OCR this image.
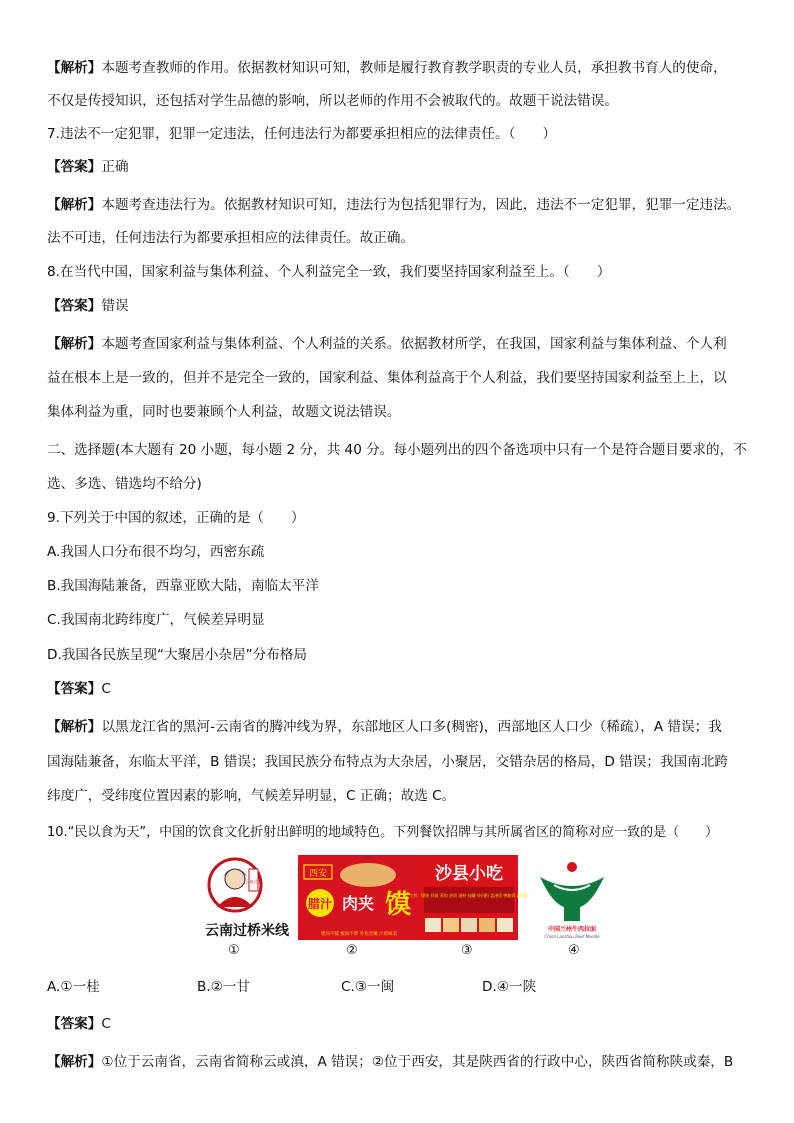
【解析】本题考查教师的作用。依据教材知识可知，教师是履行教育教学职责的专业人员，承担教书育人的使命，
不仅是传授知识，还包括对学生品德的影响，所以老师的作用不会被取代的。故题干说法错误。
7.违法不一定犯罪，犯罪一定违法，任何违法行为都要承担相应的法律责任。（　　）
【答案】正确
【解析】本题考查违法行为。依据教材知识可知，违法行为包括犯罪行为，因此，违法不一定犯罪，犯罪一定违法。
法不可违，任何违法行为都要承担相应的法律责任。故正确。
8.在当代中国，国家利益与集体利益、个人利益完全一致，我们要坚持国家利益至上。（　　）
【答案】错误
【解析】本题考查国家利益与集体利益、个人利益的关系。依据教材所学，在我国，国家利益与集体利益、个人利
益在根本上是一致的，但并不是完全一致的，国家利益、集体利益高于个人利益，我们要坚持国家利益至上上，以
集体利益为重，同时也要兼顾个人利益，故题文说法错误。
二、选择题(本大题有 20 小题，每小题 2 分，共 40 分。每小题列出的四个备选项中只有一个是符合题目要求的，不
选、多选、错选均不给分)
9.下列关于中国的叙述，正确的是（　　）
A.我国人口分布很不均匀，西密东疏
B.我国海陆兼备，西靠亚欧大陆，南临太平洋
C.我国南北跨纬度广，气候差异明显
D.我国各民族呈现“大聚居小杂居”分布格局
【答案】C
【解析】以黑龙江省的黑河-云南省的腾冲线为界，东部地区人口多(稠密)，西部地区人口少（稀疏），A 错误；我
国海陆兼备，东临太平洋，B 错误；我国民族分布特点为大杂居，小聚居，交错杂居的格局，D 错误；我国南北跨
纬度广，受纬度位置因素的影响，气候差异明显，C 正确；故选 C。
10.“民以食为天”，中国的饮食文化折射出鲜明的地域特色。下列餐饮招牌与其所属省区的简称对应一致的是（　　）
云南过桥
云南过桥米线
西安
腊汁 肉夹 馍
肥而不腻 瘦而不柴 外焦里嫩 汁浓味美
沙县小吃
主营：馄饨 拌面 蒸饺 炒饭 汤粉 炖罐 炒河粉 盖浇饭 鸭腿饭 鸡腿饭
中国兰州牛肉拉面
China Lanzhou Beef Noodle
①	②	③	④
A.①一桂	B.②一甘	C.③一闽	D.④一陕
【答案】C
【解析】①位于云南省，云南省简称云或滇，A 错误；②位于西安，其是陕西省的行政中心，陕西省简称陕或秦，B
